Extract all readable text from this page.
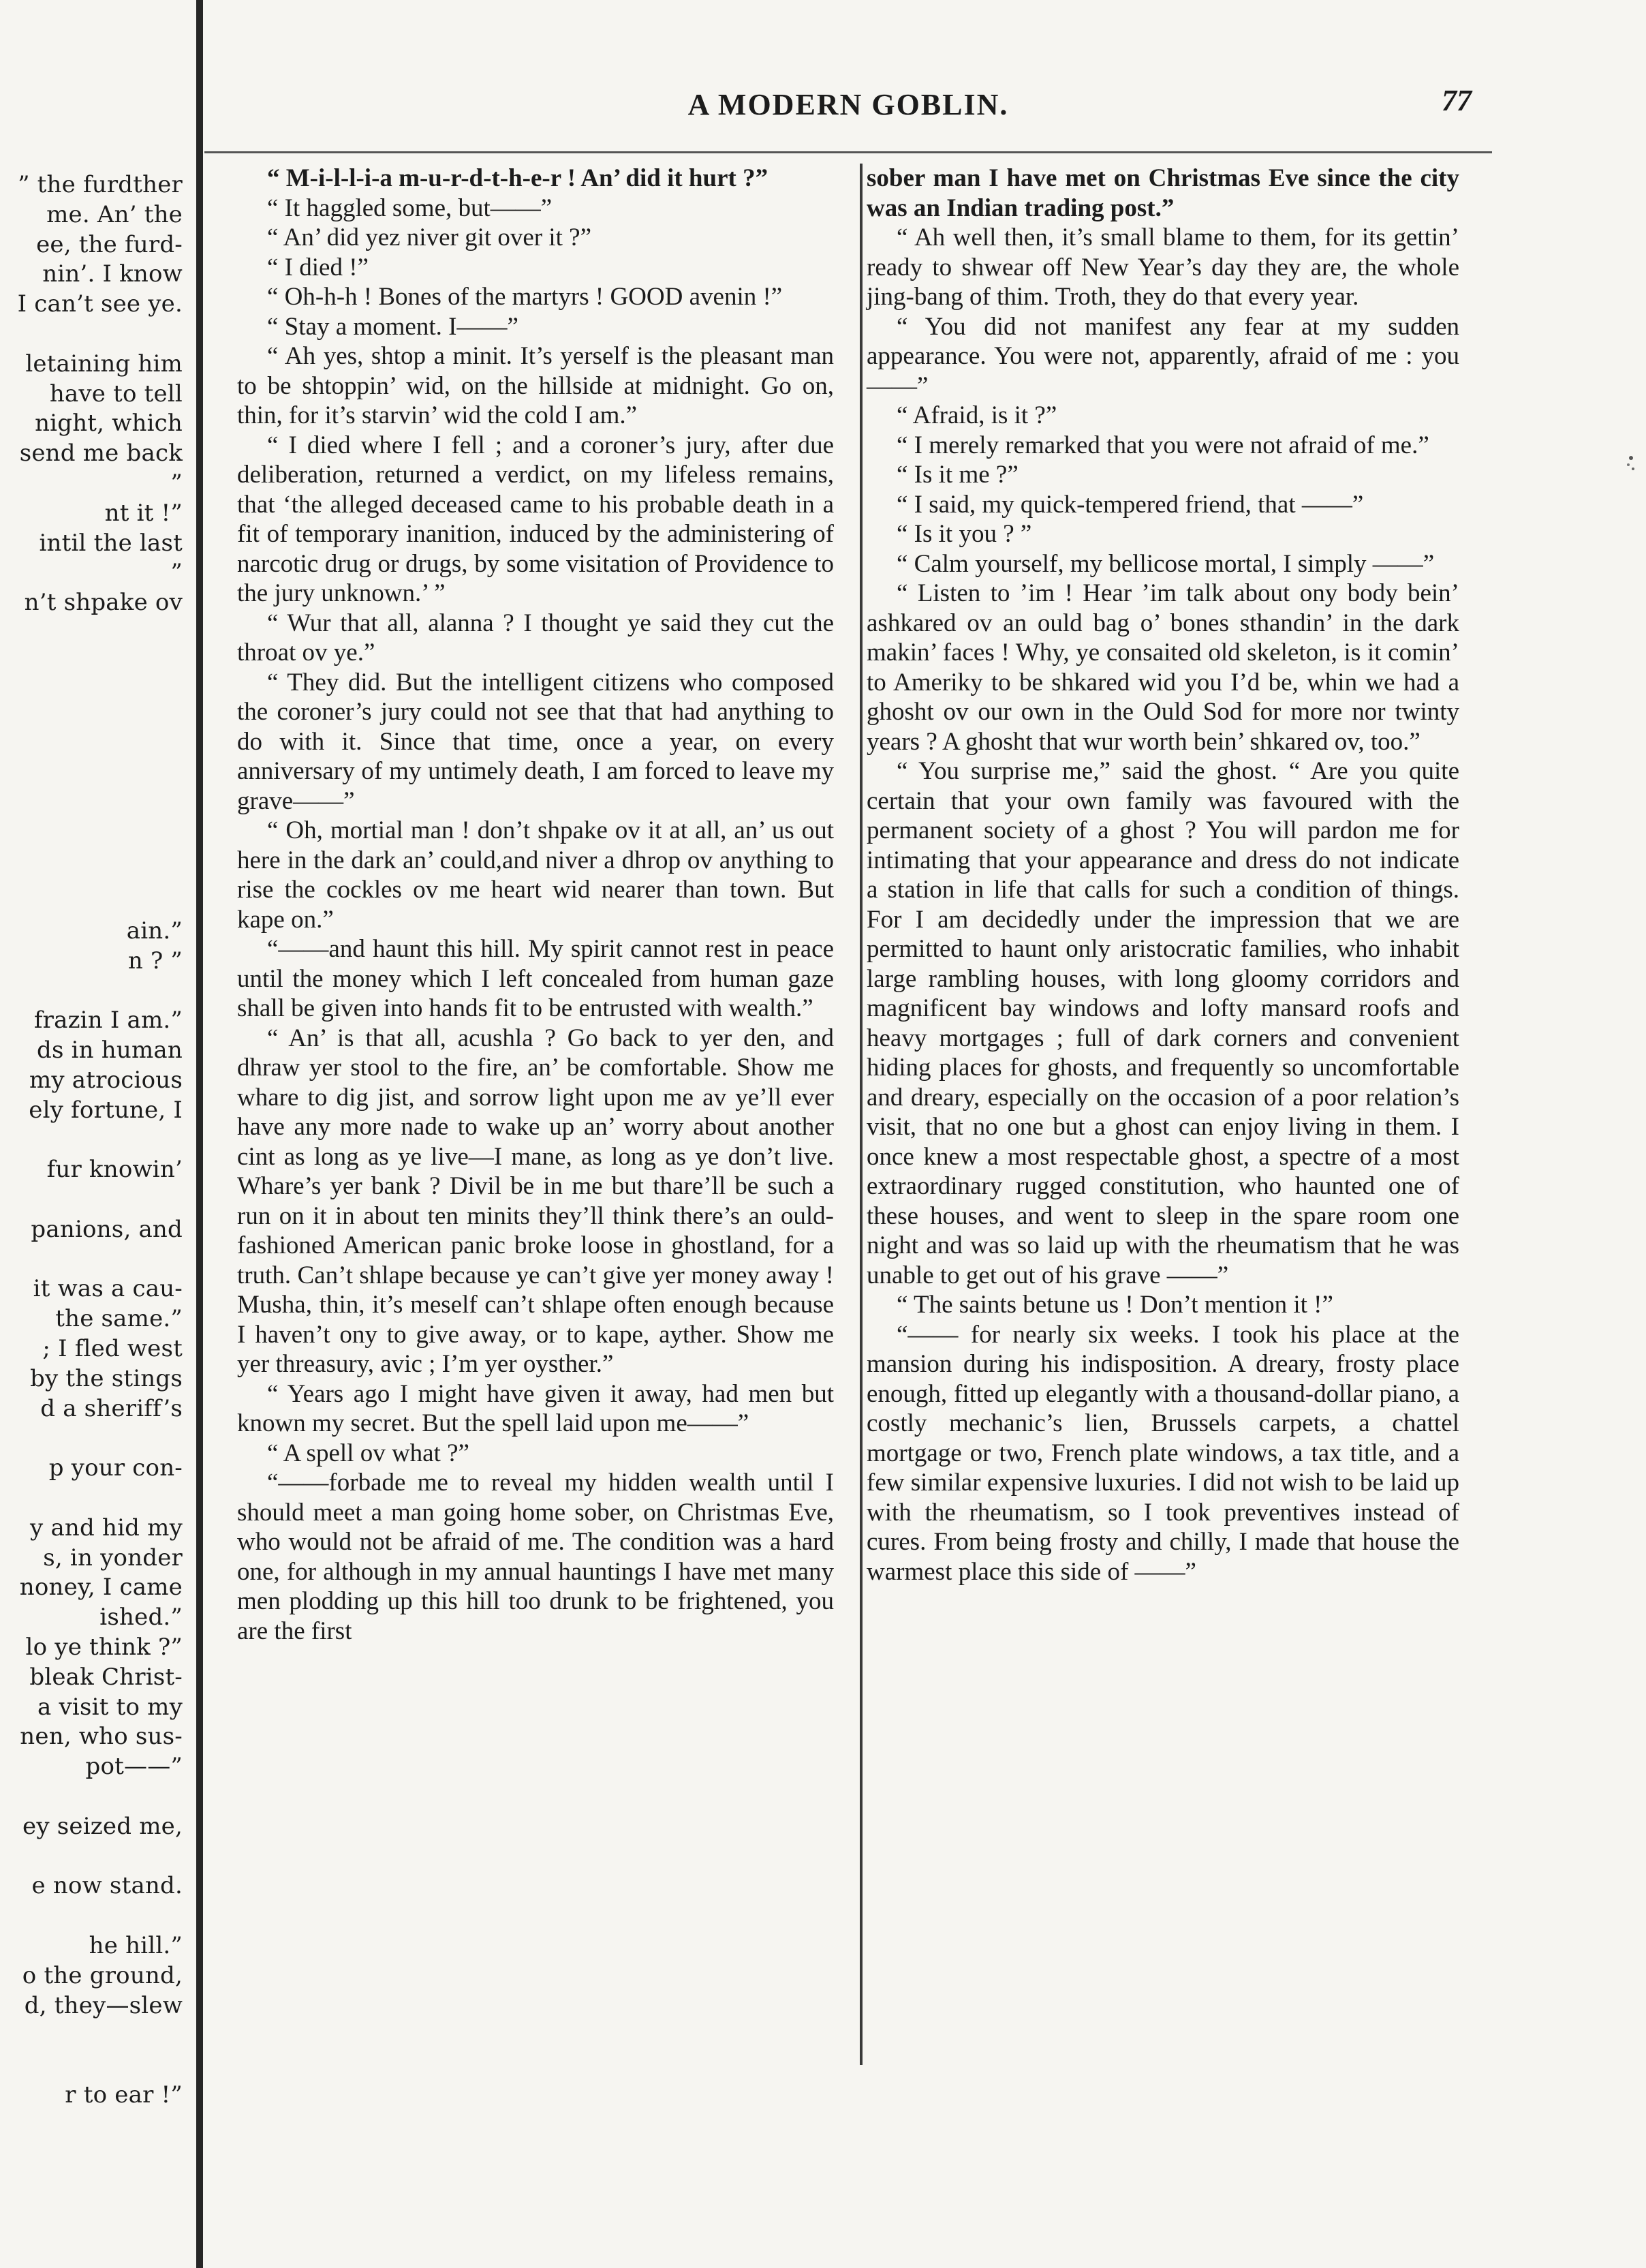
” the furdther
me. An’ the
ee, the furd-
nin’. I know
I can’t see ye.

letaining him
have to tell
night, which
send me back
”
nt it !”
intil the last
”
n’t shpake ov

ain.”
n ? ”

frazin I am.”
ds in human
my atrocious
ely fortune, I

fur knowin’

panions, and

it was a cau-
the same.”
; I fled west
by the stings
d a sheriff’s

p your con-

y and hid my
s, in yonder
noney, I came
ished.”
lo ye think ?”
bleak Christ-
a visit to my
nen, who sus-
pot——”

ey seized me,

e now stand.

he hill.”
o the ground,
d, they—slew

r to ear !”
A MODERN GOBLIN.	77

“ M-i-l-l-i-a m-u-r-d-t-h-e-r ! An’ did it hurt ?”

“ It haggled some, but——”

“ An’ did yez niver git over it ?”

“ I died !”

“ Oh-h-h ! Bones of the martyrs ! GOOD avenin !”

“ Stay a moment. I——”

“ Ah yes, shtop a minit. It’s yerself is the pleasant man to be shtoppin’ wid, on the hillside at midnight. Go on, thin, for it’s starvin’ wid the cold I am.”

“ I died where I fell ; and a coroner’s jury, after due deliberation, returned a verdict, on my lifeless remains, that ‘the alleged deceased came to his probable death in a fit of temporary inanition, induced by the administering of narcotic drug or drugs, by some visitation of Providence to the jury unknown.’ ”

“ Wur that all, alanna ? I thought ye said they cut the throat ov ye.”

“ They did. But the intelligent citizens who composed the coroner’s jury could not see that that had anything to do with it. Since that time, once a year, on every anniversary of my untimely death, I am forced to leave my grave——”

“ Oh, mortial man ! don’t shpake ov it at all, an’ us out here in the dark an’ could,and niver a dhrop ov anything to rise the cockles ov me heart wid nearer than town. But kape on.”

“——and haunt this hill. My spirit cannot rest in peace until the money which I left concealed from human gaze shall be given into hands fit to be entrusted with wealth.”

“ An’ is that all, acushla ? Go back to yer den, and dhraw yer stool to the fire, an’ be comfortable. Show me whare to dig jist, and sorrow light upon me av ye’ll ever have any more nade to wake up an’ worry about another cint as long as ye live—I mane, as long as ye don’t live. Whare’s yer bank ? Divil be in me but thare’ll be such a run on it in about ten minits they’ll think there’s an ould-fashioned American panic broke loose in ghostland, for a truth. Can’t shlape because ye can’t give yer money away ! Musha, thin, it’s meself can’t shlape often enough because I haven’t ony to give away, or to kape, ayther. Show me yer threasury, avic ; I’m yer oysther.”

“ Years ago I might have given it away, had men but known my secret. But the spell laid upon me——”

“ A spell ov what ?”

“——forbade me to reveal my hidden wealth until I should meet a man going home sober, on Christmas Eve, who would not be afraid of me. The condition was a hard one, for although in my annual hauntings I have met many men plodding up this hill too drunk to be frightened, you are the first

sober man I have met on Christmas Eve since the city was an Indian trading post.”

“ Ah well then, it’s small blame to them, for its gettin’ ready to shwear off New Year’s day they are, the whole jing-bang of thim. Troth, they do that every year.

“ You did not manifest any fear at my sudden appearance. You were not, apparently, afraid of me : you——”

“ Afraid, is it ?”

“ I merely remarked that you were not afraid of me.”

“ Is it me ?”

“ I said, my quick-tempered friend, that ——”

“ Is it you ? ”

“ Calm yourself, my bellicose mortal, I simply ——”

“ Listen to ’im ! Hear ’im talk about ony body bein’ ashkared ov an ould bag o’ bones sthandin’ in the dark makin’ faces ! Why, ye consaited old skeleton, is it comin’ to Ameriky to be shkared wid you I’d be, whin we had a ghosht ov our own in the Ould Sod for more nor twinty years ? A ghosht that wur worth bein’ shkared ov, too.”

“ You surprise me,” said the ghost. “ Are you quite certain that your own family was favoured with the permanent society of a ghost ? You will pardon me for intimating that your appearance and dress do not indicate a station in life that calls for such a condition of things. For I am decidedly under the impression that we are permitted to haunt only aristocratic families, who inhabit large rambling houses, with long gloomy corridors and magnificent bay windows and lofty mansard roofs and heavy mortgages ; full of dark corners and convenient hiding places for ghosts, and frequently so uncomfortable and dreary, especially on the occasion of a poor relation’s visit, that no one but a ghost can enjoy living in them. I once knew a most respectable ghost, a spectre of a most extraordinary rugged constitution, who haunted one of these houses, and went to sleep in the spare room one night and was so laid up with the rheumatism that he was unable to get out of his grave ——”

“ The saints betune us ! Don’t mention it !”

“—— for nearly six weeks. I took his place at the mansion during his indisposition. A dreary, frosty place enough, fitted up elegantly with a thousand-dollar piano, a costly mechanic’s lien, Brussels carpets, a chattel mortgage or two, French plate windows, a tax title, and a few similar expensive luxuries. I did not wish to be laid up with the rheumatism, so I took preventives instead of cures. From being frosty and chilly, I made that house the warmest place this side of ——”
